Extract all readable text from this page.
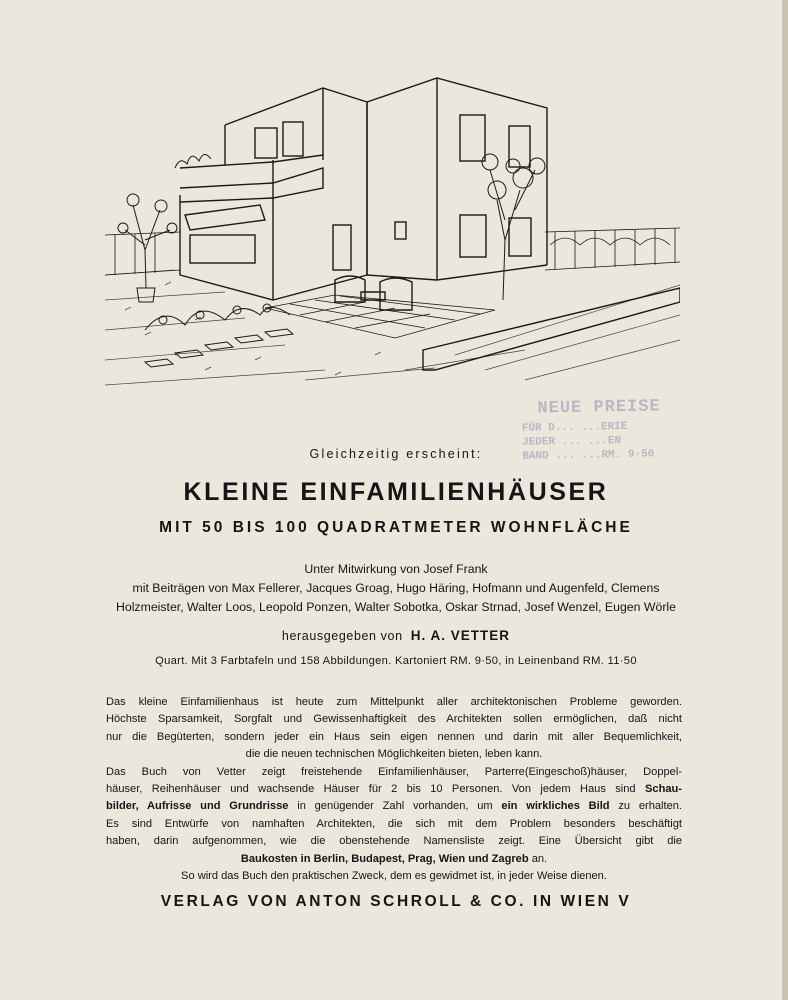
NEUE PREISE
FÜR D... ...ERIE
JEDER ... ...EN
BAND ... ...RM. 9·50
Gleichzeitig erscheint:
KLEINE EINFAMILIENHÄUSER
MIT 50 BIS 100 QUADRATMETER WOHNFLÄCHE
Unter Mitwirkung von Josef Frank
mit Beiträgen von Max Fellerer, Jacques Groag, Hugo Häring, Hofmann und Augenfeld, Clemens
Holzmeister, Walter Loos, Leopold Ponzen, Walter Sobotka, Oskar Strnad, Josef Wenzel, Eugen Wörle
herausgegeben von H. A. VETTER
Quart. Mit 3 Farbtafeln und 158 Abbildungen. Kartoniert RM. 9·50, in Leinenband RM. 11·50

Das kleine Einfamilienhaus ist heute zum Mittelpunkt aller architektonischen Probleme geworden.

Höchste Sparsamkeit, Sorgfalt und Gewissenhaftigkeit des Architekten sollen ermöglichen, daß nicht

nur die Begüterten, sondern jeder ein Haus sein eigen nennen und darin mit aller Bequemlichkeit,

die die neuen technischen Möglichkeiten bieten, leben kann.

Das Buch von Vetter zeigt freistehende Einfamilienhäuser, Parterre(Eingeschoß)häuser, Doppel-

häuser, Reihenhäuser und wachsende Häuser für 2 bis 10 Personen. Von jedem Haus sind Schau-

bilder, Aufrisse und Grundrisse in genügender Zahl vorhanden, um ein wirkliches Bild zu erhalten.

Es sind Entwürfe von namhaften Architekten, die sich mit dem Problem besonders beschäftigt

haben, darin aufgenommen, wie die obenstehende Namensliste zeigt. Eine Übersicht gibt die

Baukosten in Berlin, Budapest, Prag, Wien und Zagreb an.

So wird das Buch den praktischen Zweck, dem es gewidmet ist, in jeder Weise dienen.

VERLAG VON ANTON SCHROLL & CO. IN WIEN V
